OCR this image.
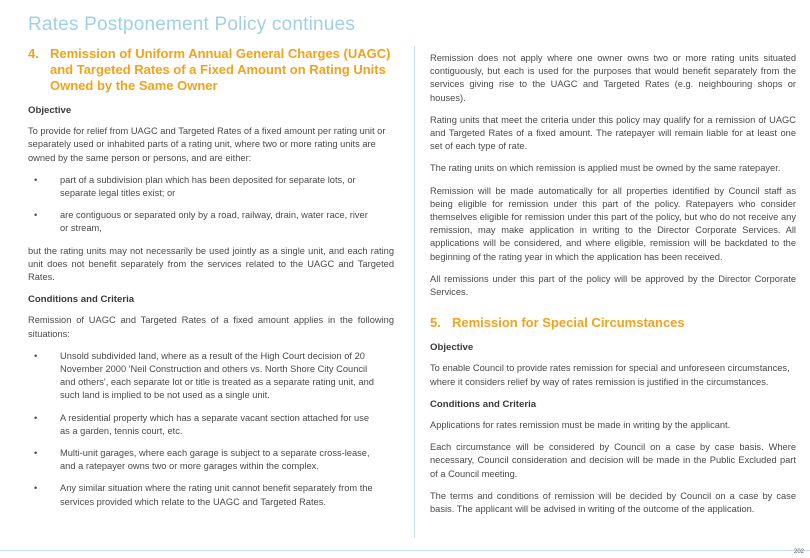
Rates Postponement Policy continues
4. Remission of Uniform Annual General Charges (UAGC) and Targeted Rates of a Fixed Amount on Rating Units Owned by the Same Owner
Objective

To provide for relief from UAGC and Targeted Rates of a fixed amount per rating unit or separately used or inhabited parts of a rating unit, where two or more rating units are owned by the same person or persons, and are either:

•	part of a subdivision plan which has been deposited for separate lots, or separate legal titles exist; or
•	are contiguous or separated only by a road, railway, drain, water race, river or stream,

but the rating units may not necessarily be used jointly as a single unit, and each rating unit does not benefit separately from the services related to the UAGC and Targeted Rates.

Conditions and Criteria

Remission of UAGC and Targeted Rates of a fixed amount applies in the following situations:

•	Unsold subdivided land, where as a result of the High Court decision of 20 November 2000 'Neil Construction and others vs. North Shore City Council and others', each separate lot or title is treated as a separate rating unit, and such land is implied to be not used as a single unit.
•	A residential property which has a separate vacant section attached for use as a garden, tennis court, etc.
•	Multi-unit garages, where each garage is subject to a separate cross-lease, and a ratepayer owns two or more garages within the complex.
•	Any similar situation where the rating unit cannot benefit separately from the services provided which relate to the UAGC and Targeted Rates.

Remission does not apply where one owner owns two or more rating units situated contiguously, but each is used for the purposes that would benefit separately from the services giving rise to the UAGC and Targeted Rates (e.g. neighbouring shops or houses).

Rating units that meet the criteria under this policy may qualify for a remission of UAGC and Targeted Rates of a fixed amount. The ratepayer will remain liable for at least one set of each type of rate.

The rating units on which remission is applied must be owned by the same ratepayer.

Remission will be made automatically for all properties identified by Council staff as being eligible for remission under this part of the policy. Ratepayers who consider themselves eligible for remission under this part of the policy, but who do not receive any remission, may make application in writing to the Director Corporate Services. All applications will be considered, and where eligible, remission will be backdated to the beginning of the rating year in which the application has been received.

All remissions under this part of the policy will be approved by the Director Corporate Services.

5. Remission for Special Circumstances
Objective

To enable Council to provide rates remission for special and unforeseen circumstances, where it considers relief by way of rates remission is justified in the circumstances.

Conditions and Criteria

Applications for rates remission must be made in writing by the applicant.

Each circumstance will be considered by Council on a case by case basis. Where necessary, Council consideration and decision will be made in the Public Excluded part of a Council meeting.

The terms and conditions of remission will be decided by Council on a case by case basis. The applicant will be advised in writing of the outcome of the application.

202
